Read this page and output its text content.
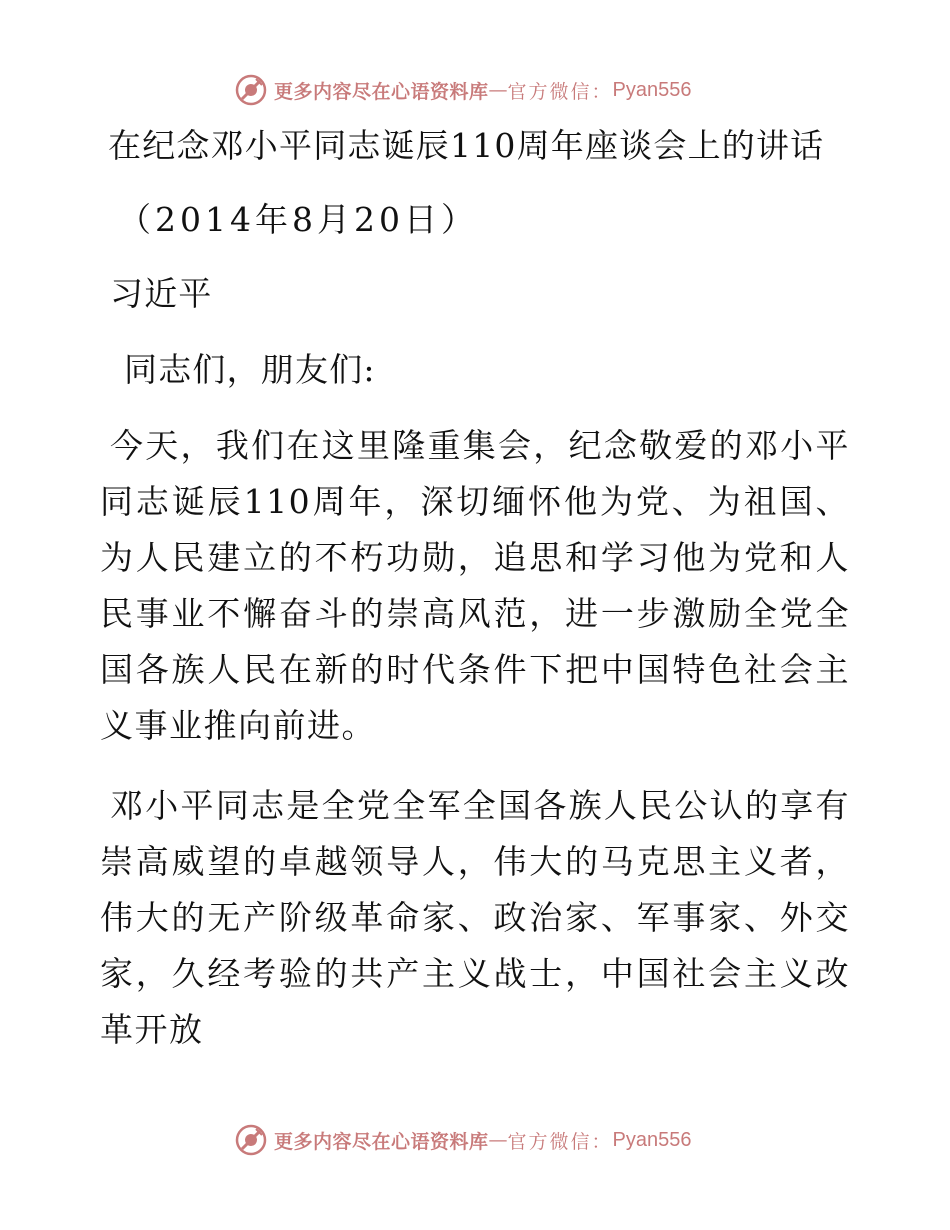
更多内容尽在心语资料库 — 官方微信： Pyan556
在纪念邓小平同志诞辰110周年座谈会上的讲话
（2014年8月20日）
习近平
同志们，朋友们:

今天，我们在这里隆重集会，纪念敬爱的邓小平同志诞辰110周年，深切缅怀他为党、为祖国、为人民建立的不朽功勋，追思和学习他为党和人民事业不懈奋斗的崇高风范，进一步激励全党全国各族人民在新的时代条件下把中国特色社会主义事业推向前进。

邓小平同志是全党全军全国各族人民公认的享有崇高威望的卓越领导人，伟大的马克思主义者，伟大的无产阶级革命家、政治家、军事家、外交家，久经考验的共产主义战士，中国社会主义改革开放

更多内容尽在心语资料库 — 官方微信： Pyan556
